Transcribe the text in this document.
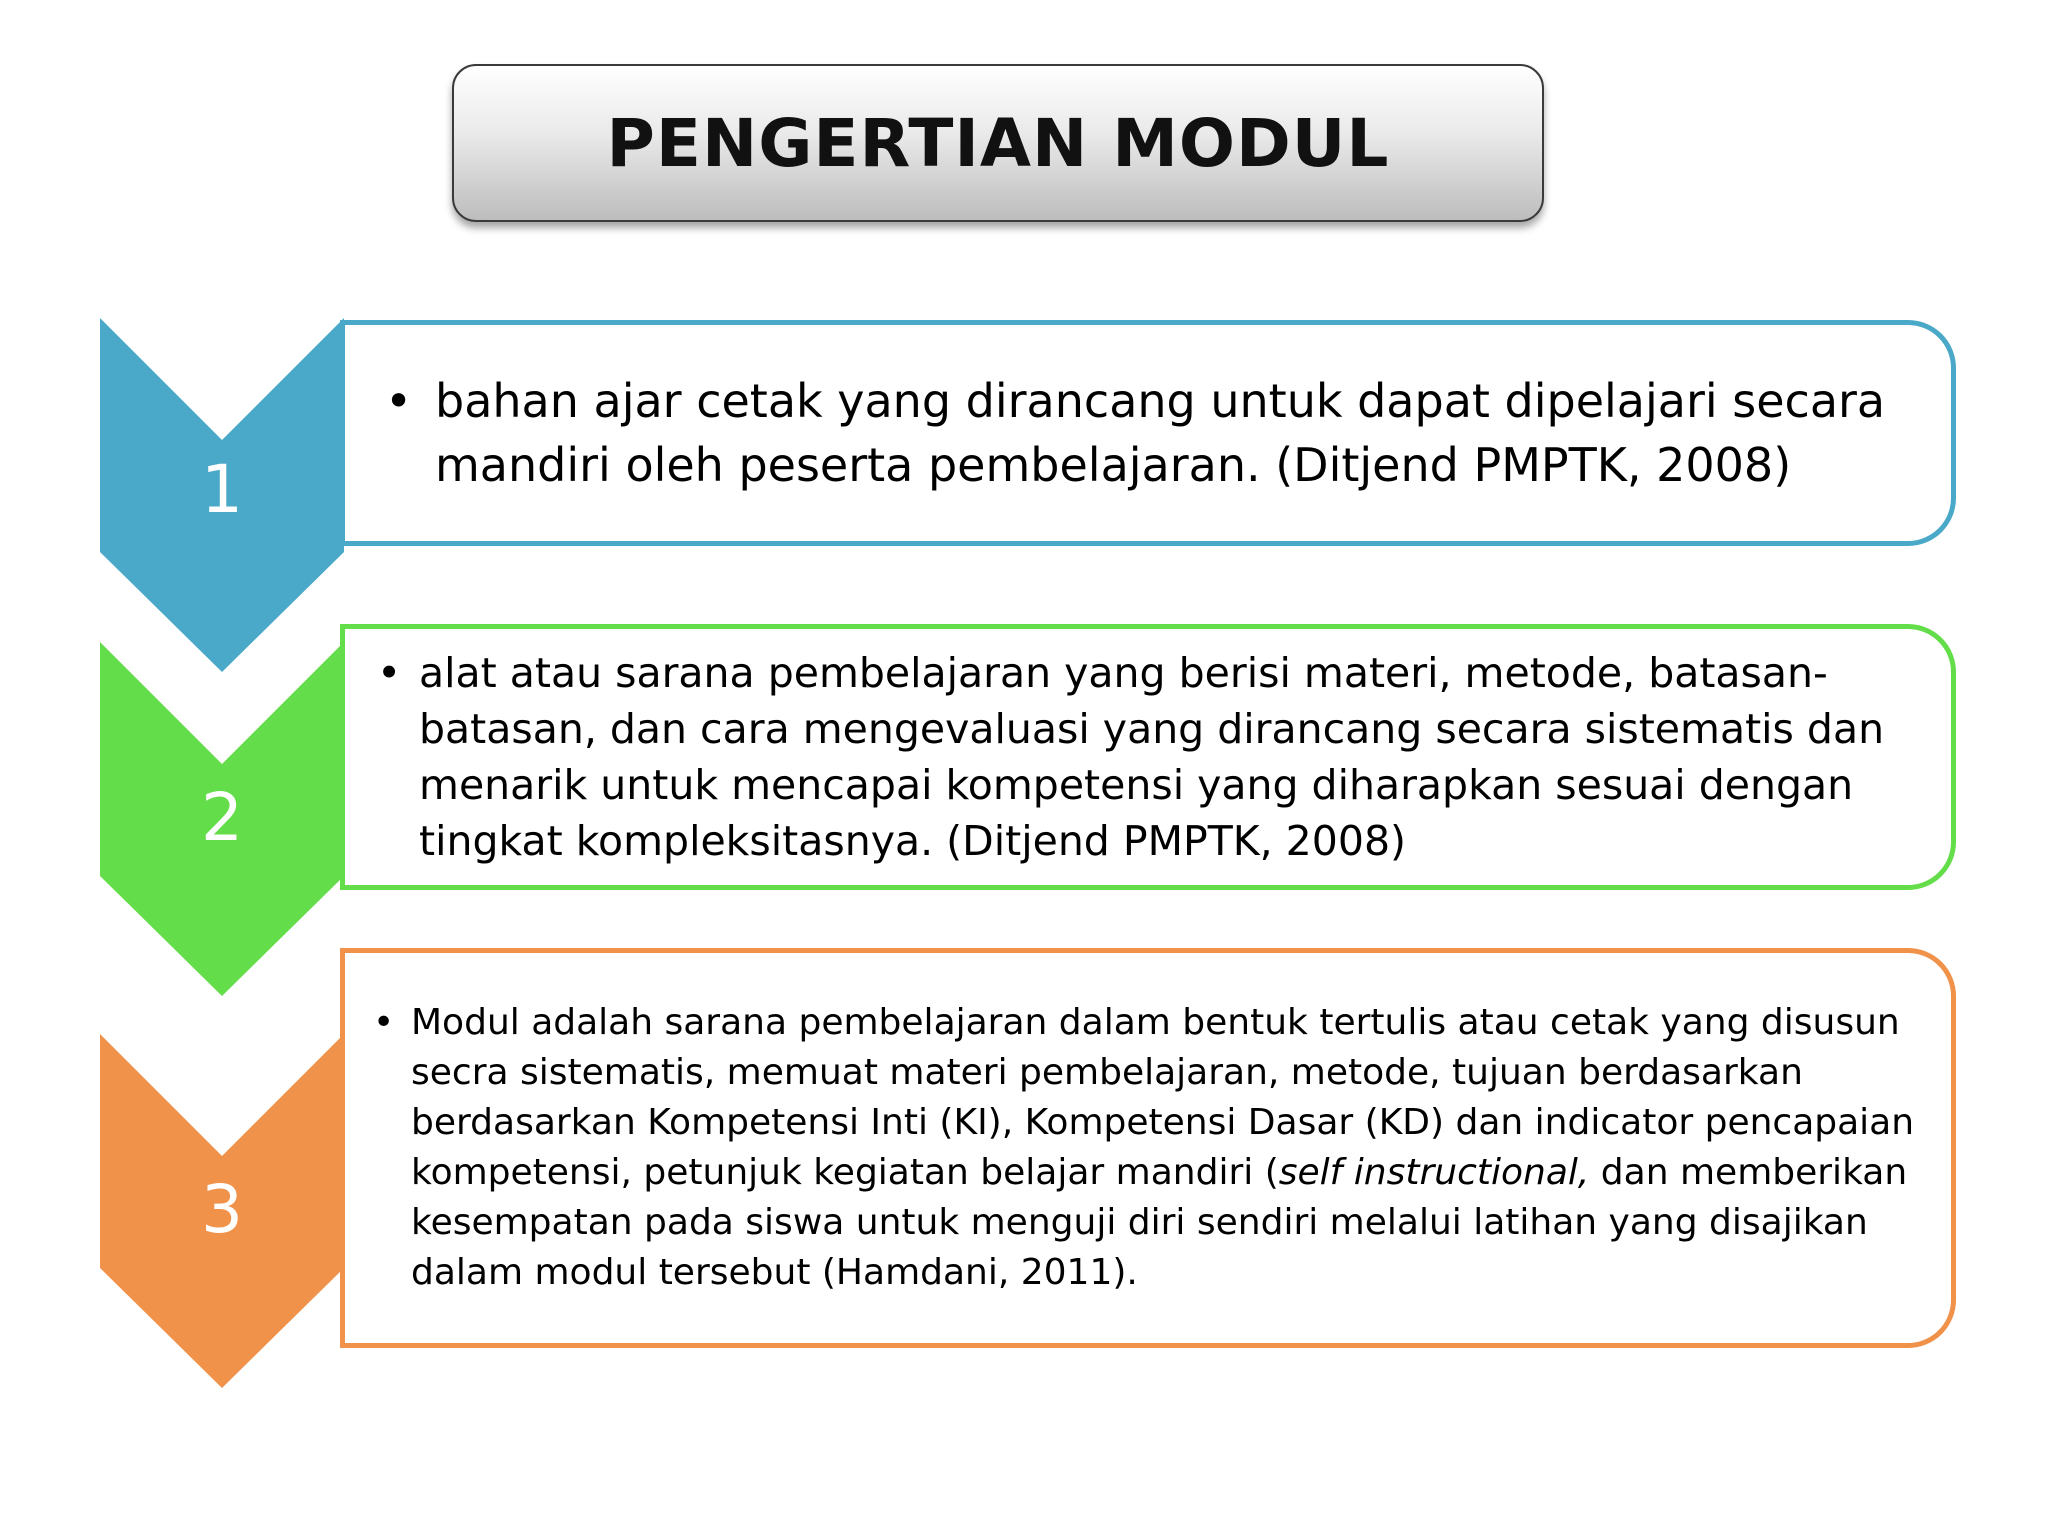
PENGERTIAN MODUL
1
2
3
• bahan ajar cetak yang dirancang untuk dapat dipelajari secara mandiri oleh peserta pembelajaran. (Ditjend PMPTK, 2008)
• alat atau sarana pembelajaran yang berisi materi, metode, batasan-batasan, dan cara mengevaluasi yang dirancang secara sistematis dan menarik untuk mencapai kompetensi yang diharapkan sesuai dengan tingkat kompleksitasnya. (Ditjend PMPTK, 2008)
• Modul adalah sarana pembelajaran dalam bentuk tertulis atau cetak yang disusun secra sistematis, memuat materi pembelajaran, metode, tujuan berdasarkan berdasarkan Kompetensi Inti (KI), Kompetensi Dasar (KD) dan indicator pencapaian kompetensi, petunjuk kegiatan belajar mandiri (self instructional, dan memberikan kesempatan pada siswa untuk menguji diri sendiri melalui latihan yang disajikan dalam modul tersebut (Hamdani, 2011).
